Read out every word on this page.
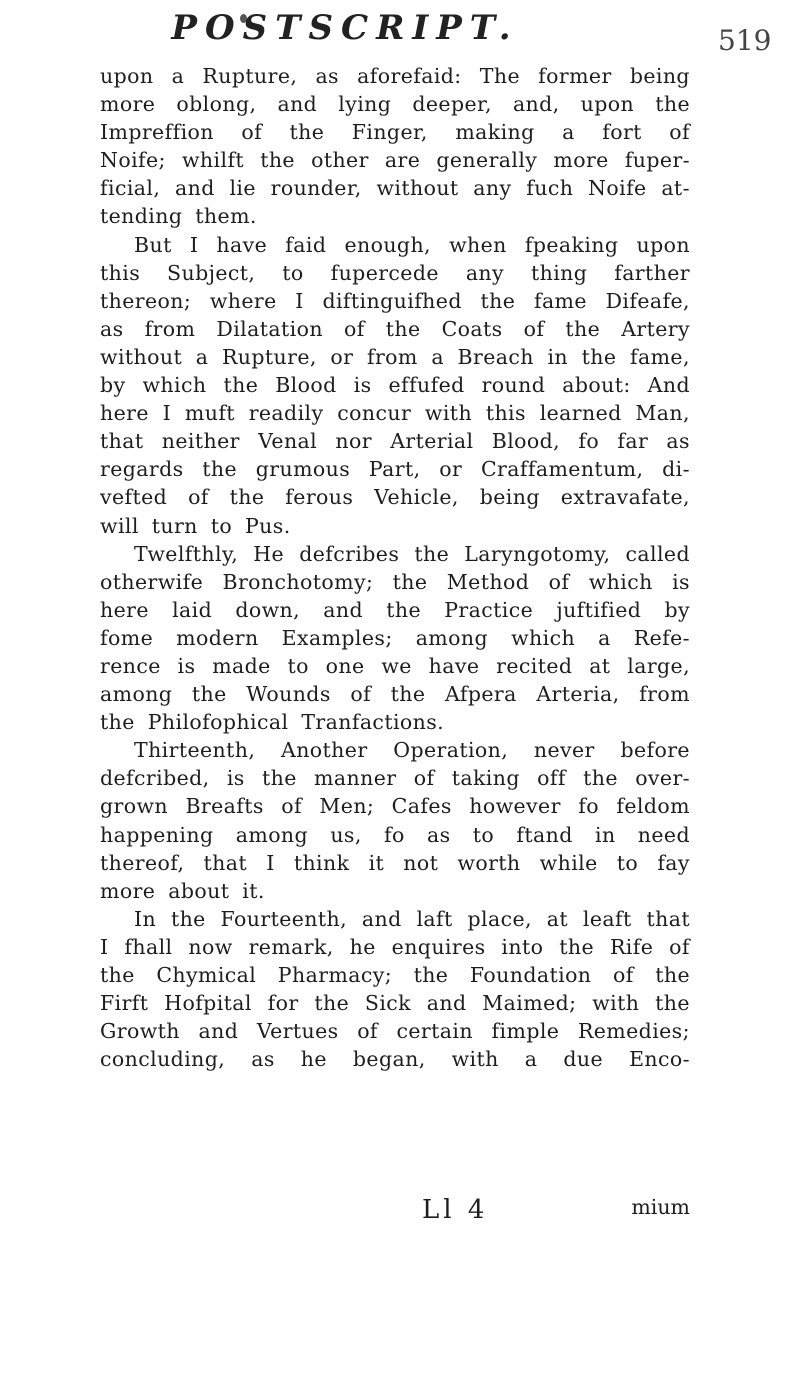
POSTSCRIPT.	519
upon a Rupture, as aforefaid: The former being
more oblong, and lying deeper, and, upon the
Impreffion of the Finger, making a fort of
Noife; whilft the other are generally more fuper-
ficial, and lie rounder, without any fuch Noife at-
tending them.
But I have faid enough, when fpeaking upon
this Subject, to fupercede any thing farther
thereon; where I diftinguifhed the fame Difeafe,
as from Dilatation of the Coats of the Artery
without a Rupture, or from a Breach in the fame,
by which the Blood is effufed round about: And
here I muft readily concur with this learned Man,
that neither Venal nor Arterial Blood, fo far as
regards the grumous Part, or Craffamentum, di-
vefted of the ferous Vehicle, being extravafate,
will turn to Pus.
Twelfthly, He defcribes the Laryngotomy, called
otherwife Bronchotomy; the Method of which is
here laid down, and the Practice juftified by
fome modern Examples; among which a Refe-
rence is made to one we have recited at large,
among the Wounds of the Afpera Arteria, from
the Philofophical Tranfactions.
Thirteenth, Another Operation, never before
defcribed, is the manner of taking off the over-
grown Breafts of Men; Cafes however fo feldom
happening among us, fo as to ftand in need
thereof, that I think it not worth while to fay
more about it.
In the Fourteenth, and laft place, at leaft that
I fhall now remark, he enquires into the Rife of
the Chymical Pharmacy; the Foundation of the
Firft Hofpital for the Sick and Maimed; with the
Growth and Vertues of certain fimple Remedies;
concluding, as he began, with a due Enco-
Ll 4	mium
